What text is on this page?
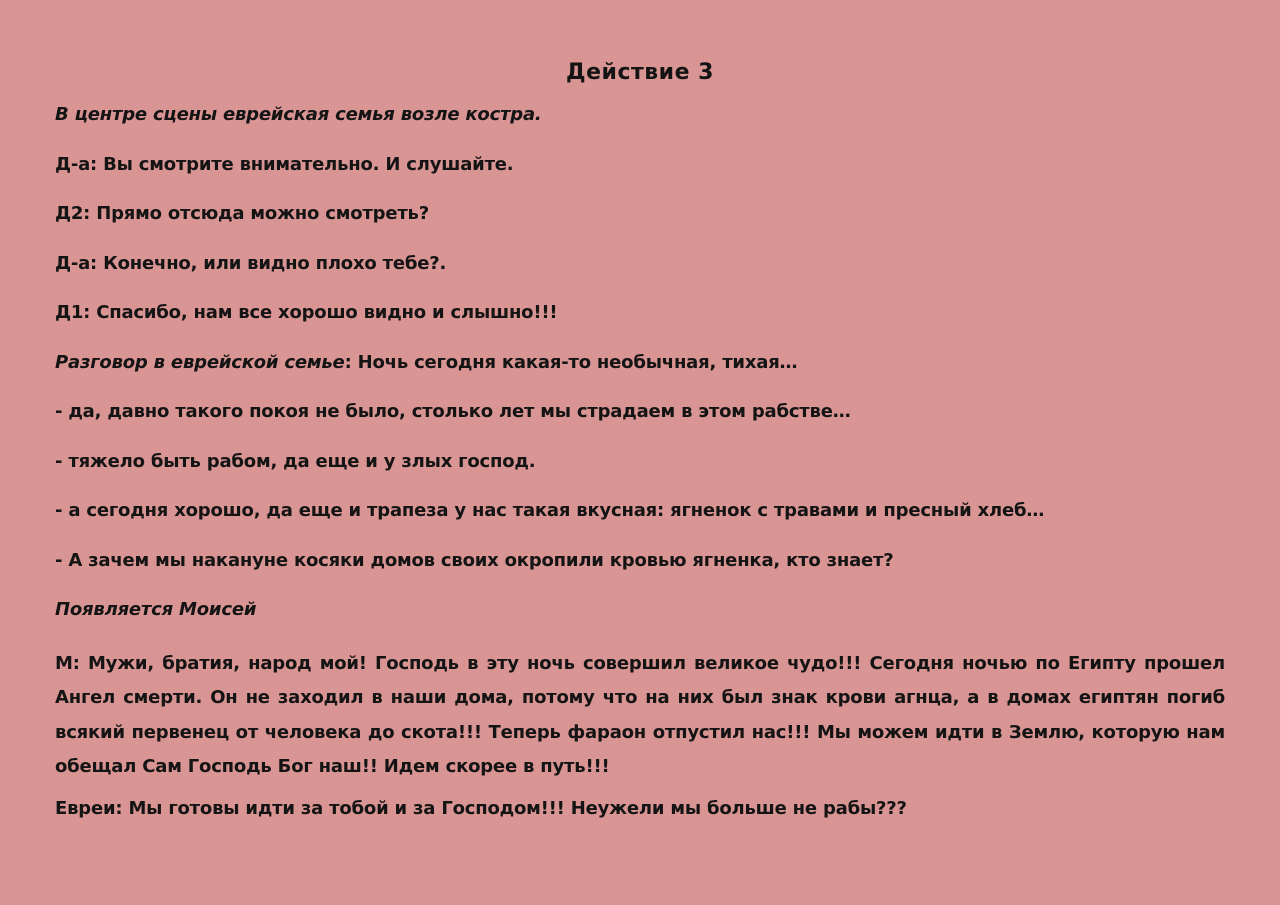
Действие 3
В центре сцены еврейская семья возле костра.
Д-а: Вы смотрите внимательно. И слушайте.
Д2: Прямо отсюда можно смотреть?
Д-а: Конечно, или видно плохо тебе?.
Д1: Спасибо, нам все хорошо видно и слышно!!!
Разговор в еврейской семье: Ночь сегодня какая-то необычная, тихая…
- да, давно такого покоя не было, столько лет мы страдаем в этом рабстве…
- тяжело быть рабом, да еще и у злых господ.
- а сегодня хорошо, да еще и трапеза у нас такая вкусная: ягненок с травами и пресный хлеб…
- А зачем мы накануне косяки домов своих окропили кровью ягненка, кто знает?
Появляется Моисей
М: Мужи, братия, народ мой! Господь в эту ночь совершил великое чудо!!! Сегодня ночью по Египту прошел Ангел смерти. Он не заходил в наши дома, потому что на них был знак крови агнца, а в домах египтян погиб всякий первенец от человека до скота!!! Теперь фараон отпустил нас!!! Мы можем идти в Землю, которую нам обещал Сам Господь Бог наш!! Идем скорее в путь!!!
Евреи: Мы готовы идти за тобой и за Господом!!! Неужели мы больше не рабы???
